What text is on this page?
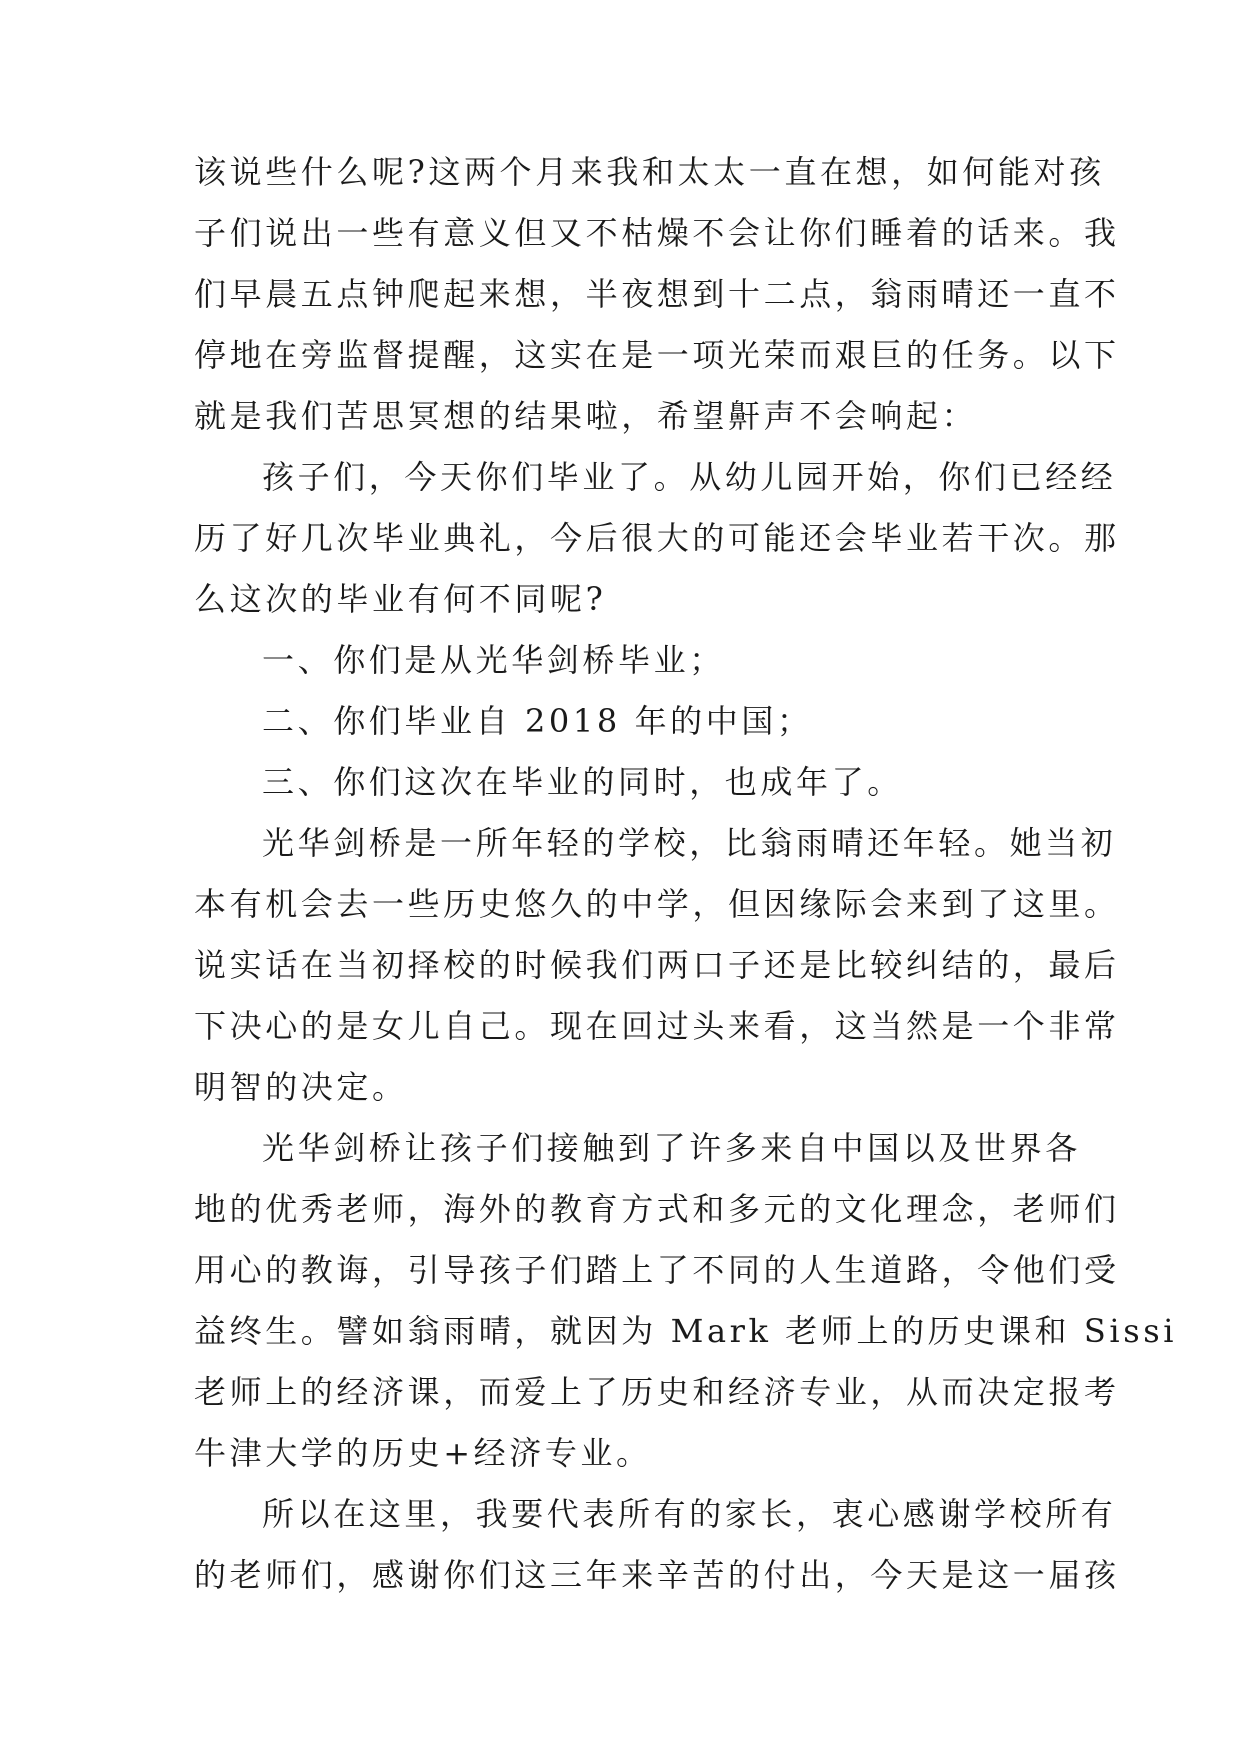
该说些什么呢?这两个月来我和太太一直在想，如何能对孩
子们说出一些有意义但又不枯燥不会让你们睡着的话来。我
们早晨五点钟爬起来想，半夜想到十二点，翁雨晴还一直不
停地在旁监督提醒，这实在是一项光荣而艰巨的任务。以下
就是我们苦思冥想的结果啦，希望鼾声不会响起：
孩子们，今天你们毕业了。从幼儿园开始，你们已经经
历了好几次毕业典礼，今后很大的可能还会毕业若干次。那
么这次的毕业有何不同呢?
一、你们是从光华剑桥毕业；
二、你们毕业自 2018 年的中国；
三、你们这次在毕业的同时，也成年了。
光华剑桥是一所年轻的学校，比翁雨晴还年轻。她当初
本有机会去一些历史悠久的中学，但因缘际会来到了这里。
说实话在当初择校的时候我们两口子还是比较纠结的，最后
下决心的是女儿自己。现在回过头来看，这当然是一个非常
明智的决定。
光华剑桥让孩子们接触到了许多来自中国以及世界各
地的优秀老师，海外的教育方式和多元的文化理念，老师们
用心的教诲，引导孩子们踏上了不同的人生道路，令他们受
益终生。譬如翁雨晴，就因为 Mark 老师上的历史课和 Sissi
老师上的经济课，而爱上了历史和经济专业，从而决定报考
牛津大学的历史+经济专业。
所以在这里，我要代表所有的家长，衷心感谢学校所有
的老师们，感谢你们这三年来辛苦的付出，今天是这一届孩
